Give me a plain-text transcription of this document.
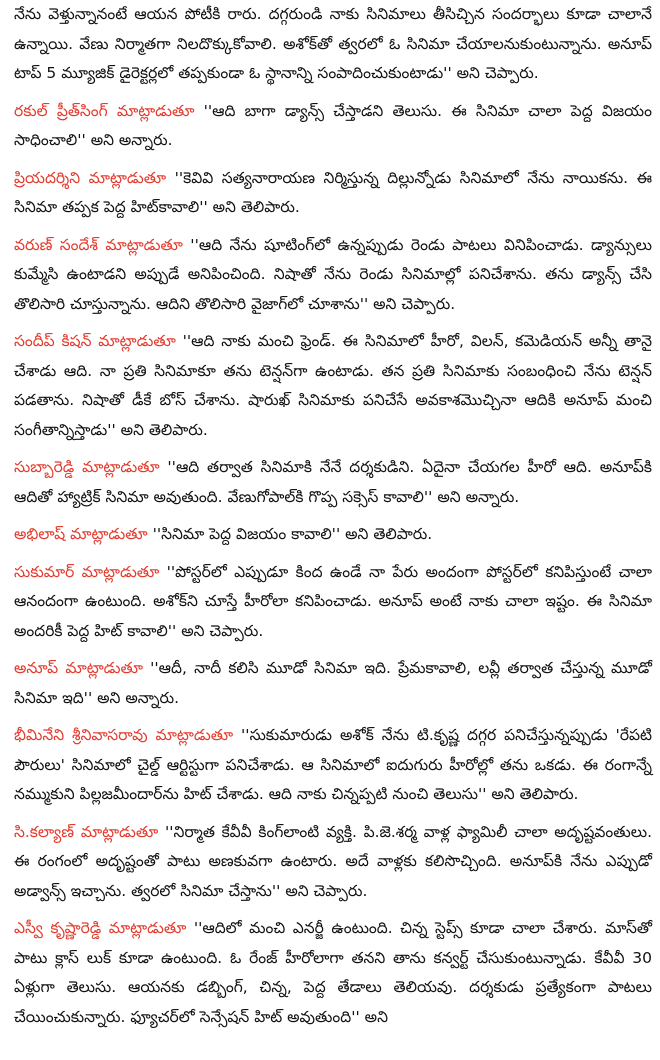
నేను వెళ్తున్నానంటే ఆయన పోటీకి రారు. దగ్గరుండి నాకు సినిమాలు తీసిచ్చిన సందర్భాలు కూడా చాలానే ఉన్నాయి. వేణు నిర్మాతగా నిలదొక్కుకోవాలి. అశోక్‌తో త్వరలో ఓ సినిమా చేయాలనుకుంటున్నాను. అనూప్ టాప్ 5 మ్యూజిక్ డైరెక్టర్లలో తప్పకుండా ఓ స్థానాన్ని సంపాదించుకుంటాడు'' అని చెప్పారు.

రకుల్ ప్రీత్‌సింగ్ మాట్లాడుతూ ''ఆది బాగా డ్యాన్స్ చేస్తాడని తెలుసు. ఈ సినిమా చాలా పెద్ద విజయం సాధించాలి'' అని అన్నారు.

ప్రియదర్శిని మాట్లాడుతూ ''కెవివి సత్యనారాయణ నిర్మిస్తున్న దిల్లున్నోడు సినిమాలో నేను నాయికను. ఈ సినిమా తప్పక పెద్ద హిట్‌కావాలి'' అని తెలిపారు.

వరుణ్ సందేశ్ మాట్లాడుతూ ''ఆది నేను షూటింగ్‌లో ఉన్నప్పుడు రెండు పాటలు వినిపించాడు. డ్యాన్సులు కుమ్మేసి ఉంటాడని అప్పుడే అనిపించింది. నిషాతో నేను రెండు సినిమాల్లో పనిచేశాను. తను డ్యాన్స్ చేసి తొలిసారి చూస్తున్నాను. ఆదిని తొలిసారి వైజాగ్‌లో చూశాను'' అని చెప్పారు.

సందీప్ కిషన్ మాట్లాడుతూ ''ఆది నాకు మంచి ఫ్రెండ్. ఈ సినిమాలో హీరో, విలన్, కమెడియన్ అన్నీ తానై చేశాడు ఆది. నా ప్రతి సినిమాకూ తను టెన్షన్‌గా ఉంటాడు. తన ప్రతి సినిమాకు సంబంధించి నేను టెన్షన్ పడతాను. నిషాతో డీకే బోస్ చేశాను. షారుఖ్ సినిమాకు పనిచేసే అవకాశమొచ్చినా ఆదికి అనూప్ మంచి సంగీతాన్నిస్తాడు'' అని తెలిపారు.

సుబ్బారెడ్డి మాట్లాడుతూ ''ఆది తర్వాత సినిమాకి నేనే దర్శకుడిని. ఏదైనా చేయగల హీరో ఆది. అనూప్‌కి ఆదితో హ్యాట్రిక్ సినిమా అవుతుంది. వేణుగోపాల్‌కి గొప్ప సక్సెస్ కావాలి'' అని అన్నారు.

అభిలాష్ మాట్లాడుతూ ''సినిమా పెద్ద విజయం కావాలి'' అని తెలిపారు.

సుకుమార్ మాట్లాడుతూ ''పోస్టర్‌లో ఎప్పుడూ కింద ఉండే నా పేరు అందంగా పోస్టర్‌లో కనిపిస్తుంటే చాలా ఆనందంగా ఉంటుంది. అశోక్‌ని చూస్తే హీరోలా కనిపించాడు. అనూప్ అంటే నాకు చాలా ఇష్టం. ఈ సినిమా అందరికీ పెద్ద హిట్ కావాలి'' అని చెప్పారు.

అనూప్ మాట్లాడుతూ ''ఆదీ, నాదీ కలిసి మూడో సినిమా ఇది. ప్రేమకావాలి, లవ్లీ తర్వాత చేస్తున్న మూడో సినిమా ఇది'' అని అన్నారు.

భీమినేని శ్రీనివాసరావు మాట్లాడుతూ ''సుకుమారుడు అశోక్ నేను టి.కృష్ణ దగ్గర పనిచేస్తున్నప్పుడు 'రేపటి పౌరులు' సినిమాలో చైల్డ్ ఆర్టిస్టుగా పనిచేశాడు. ఆ సినిమాలో ఐదుగురు హీరోల్లో తను ఒకడు. ఈ రంగాన్నే నమ్ముకుని పిల్లజమీందార్‌ను హిట్ చేశాడు. ఆది నాకు చిన్నప్పటి నుంచి తెలుసు'' అని తెలిపారు.

సి.కల్యాణ్ మాట్లాడుతూ ''నిర్మాత కేవీవీ కింగ్‌లాంటి వ్యక్తి. పి.జె.శర్మ వాళ్ల ఫ్యామిలీ చాలా అదృష్టవంతులు. ఈ రంగంలో అదృష్టంతో పాటు అణకువగా ఉంటారు. అదే వాళ్లకు కలిసొచ్చింది. అనూప్‌కి నేను ఎప్పుడో అడ్వాన్స్ ఇచ్చాను. త్వరలో సినిమా చేస్తాను'' అని చెప్పారు.

ఎస్వీ కృష్ణారెడ్డి మాట్లాడుతూ ''ఆదిలో మంచి ఎనర్జీ ఉంటుంది. చిన్న స్టెప్స్ కూడా చాలా చేశారు. మాస్‌తో పాటు క్లాస్ లుక్ కూడా ఉంటుంది. ఓ రేంజ్ హీరోలాగా తనని తాను కన్వర్ట్ చేసుకుంటున్నాడు. కేవీవీ 30 ఏళ్లుగా తెలుసు. ఆయనకు డబ్బింగ్, చిన్న, పెద్ద తేడాలు తెలియవు. దర్శకుడు ప్రత్యేకంగా పాటలు చేయించుకున్నారు. ఫ్యూచర్‌లో సెన్సేషన్ హిట్ అవుతుంది'' అని
